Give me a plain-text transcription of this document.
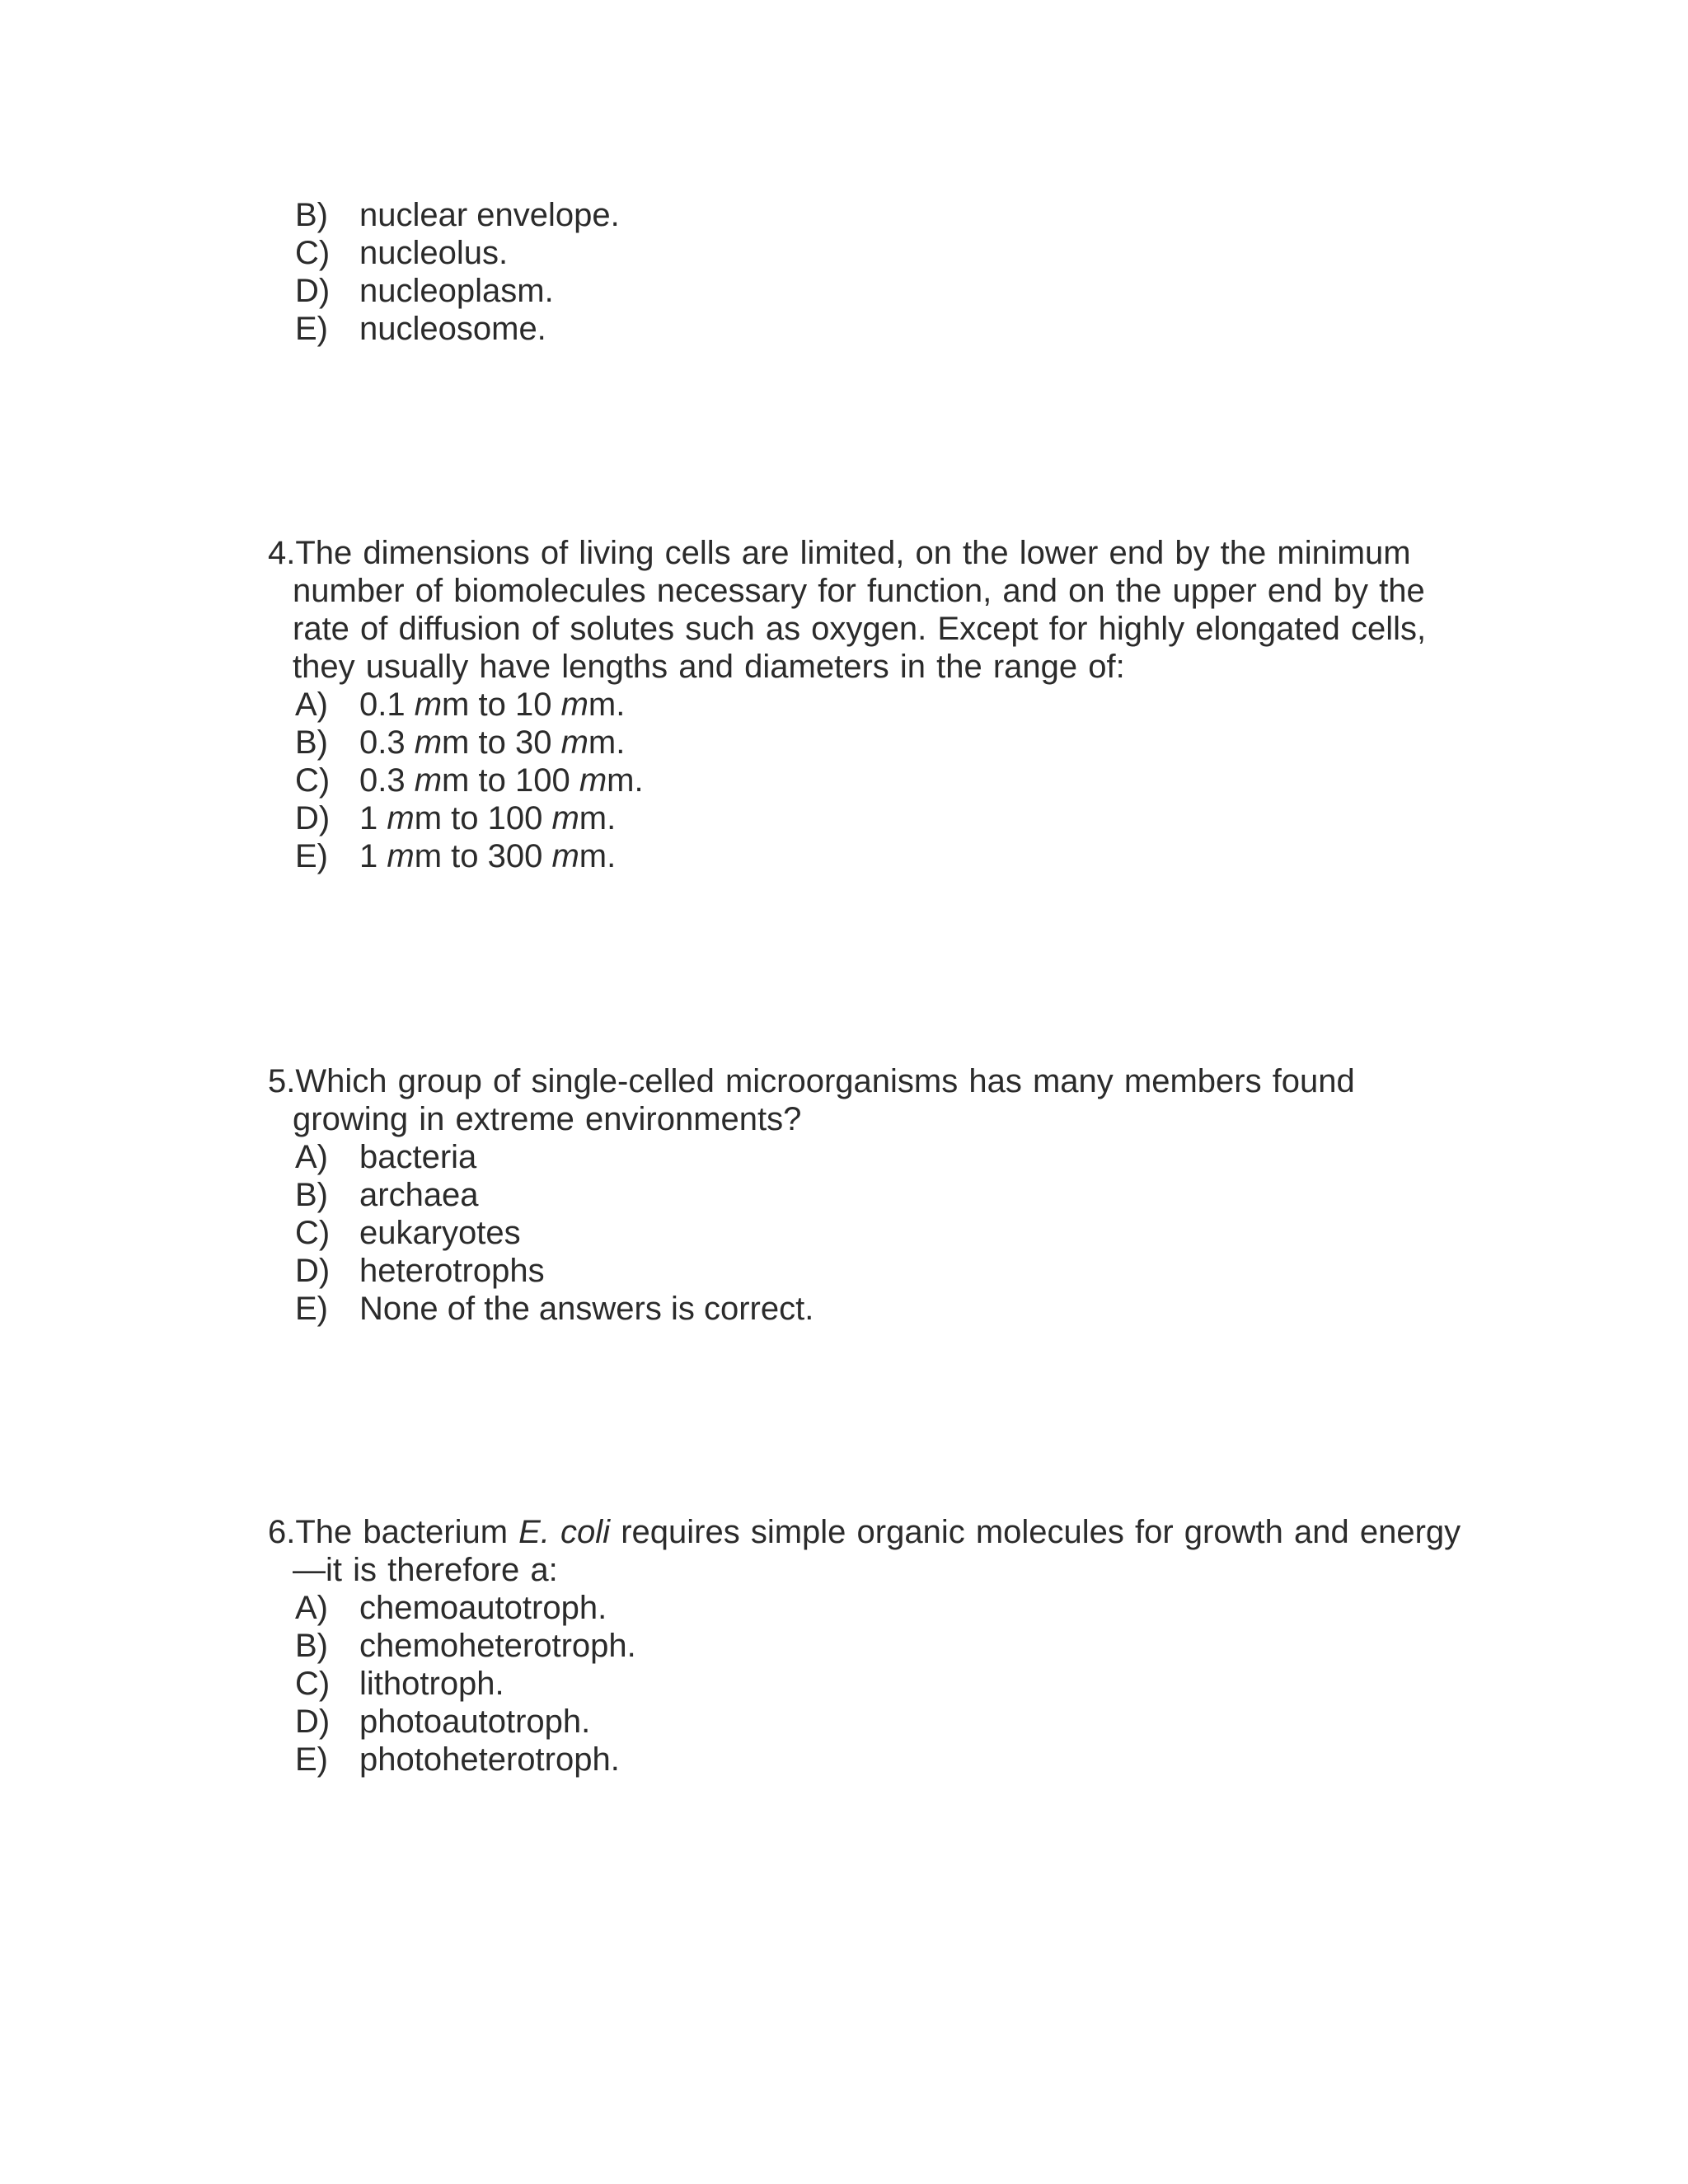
B) nuclear envelope.
C) nucleolus.
D) nucleoplasm.
E) nucleosome.
4.The dimensions of living cells are limited, on the lower end by the minimum number of biomolecules necessary for function, and on the upper end by the rate of diffusion of solutes such as oxygen. Except for highly elongated cells, they usually have lengths and diameters in the range of:
A) 0.1 mm to 10 mm.
B) 0.3 mm to 30 mm.
C) 0.3 mm to 100 mm.
D) 1 mm to 100 mm.
E) 1 mm to 300 mm.
5.Which group of single-celled microorganisms has many members found growing in extreme environments?
A) bacteria
B) archaea
C) eukaryotes
D) heterotrophs
E) None of the answers is correct.
6.The bacterium E. coli requires simple organic molecules for growth and energy—it is therefore a:
A) chemoautotroph.
B) chemoheterotroph.
C) lithotroph.
D) photoautotroph.
E) photoheterotroph.
